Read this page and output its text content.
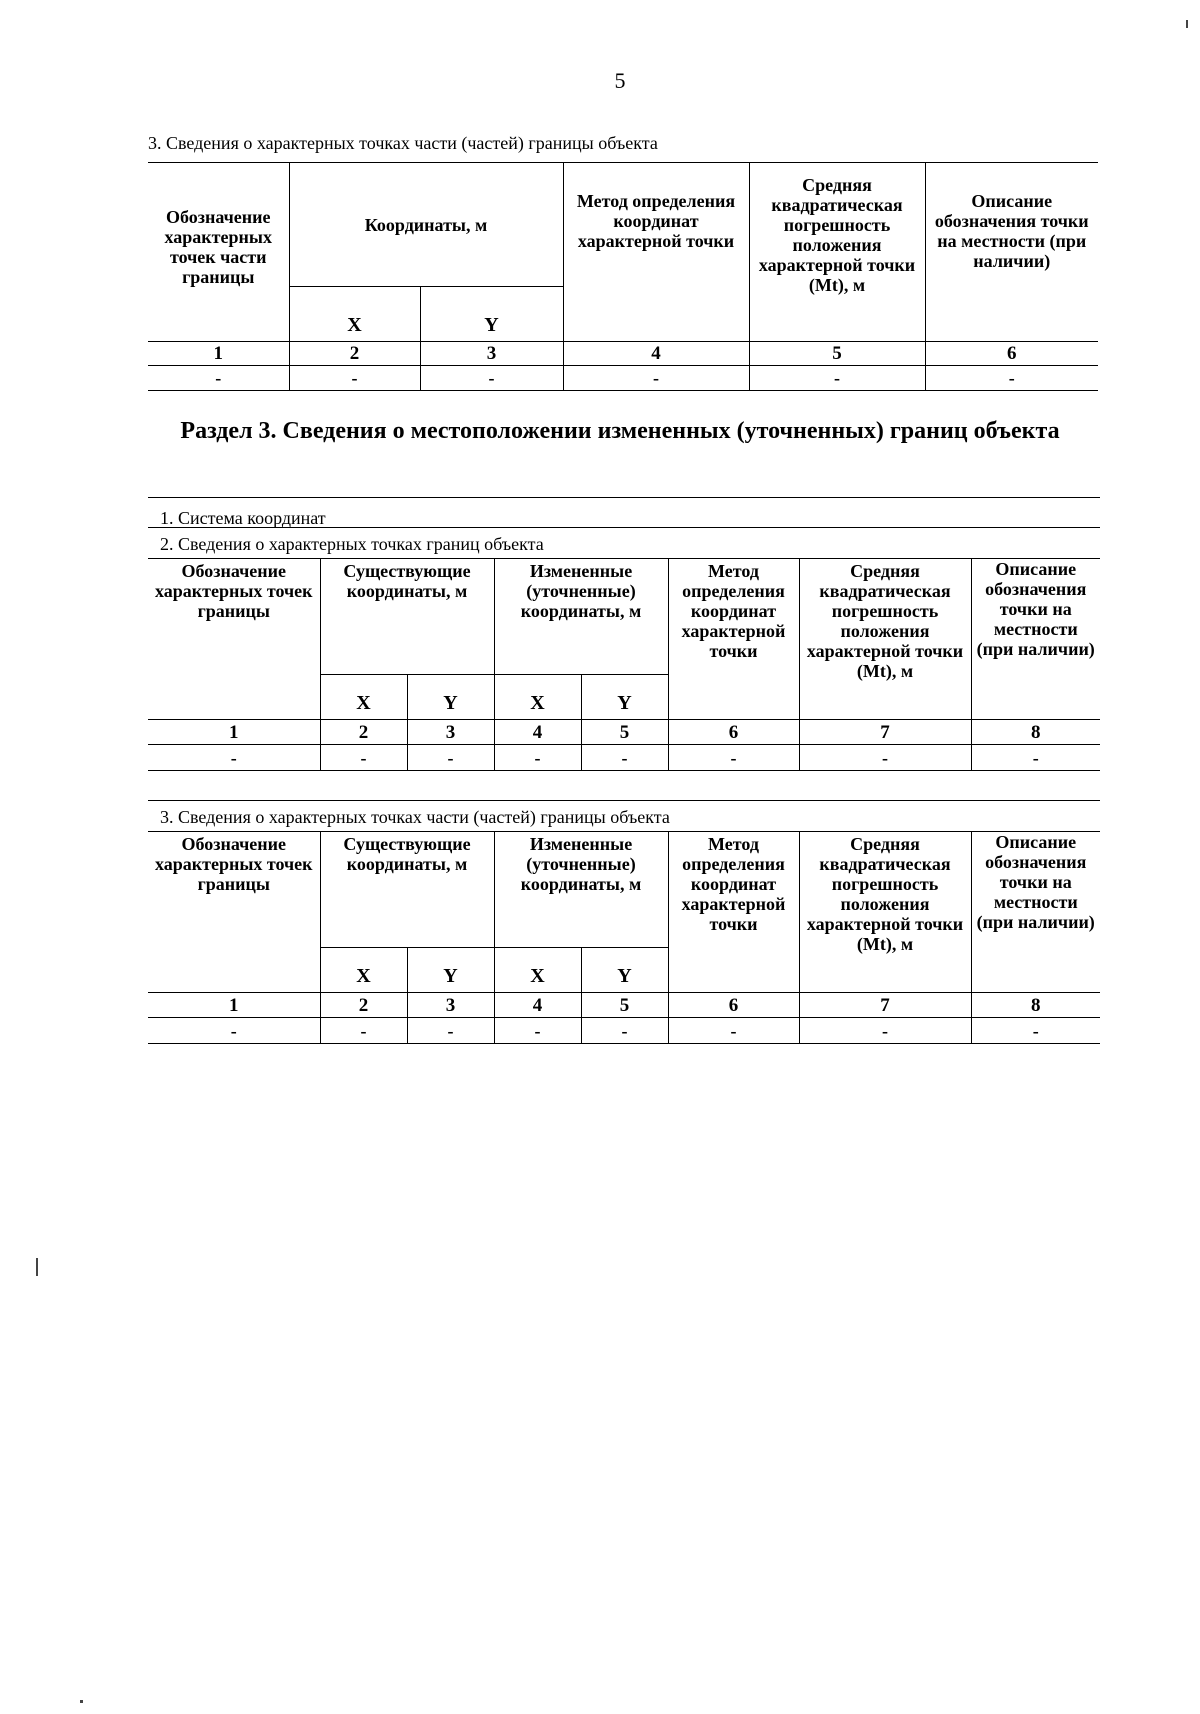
5
3. Сведения о характерных точках части (частей) границы объекта
Обозначение характерных точек части границы	Координаты, м		Метод определения координат характерной точки	Средняя квадратическая погрешность положения характерной точки (Mt), м	Описание обозначения точки на местности (при наличии)
	X	Y			
1	2	3	4	5	6
-	-	-	-	-	-
Раздел 3. Сведения о местоположении измененных (уточненных) границ объекта
1. Система координат
2. Сведения о характерных точках границ объекта
Обозначение характерных точек границы	Существующие координаты, м		Измененные (уточненные) координаты, м		Метод определения координат характерной точки	Средняя квадратическая погрешность положения характерной точки (Mt), м	Описание обозначения точки на местности (при наличии)
	X	Y	X	Y			
1	2	3	4	5	6	7	8
-	-	-	-	-	-	-	-
3. Сведения о характерных точках части (частей) границы объекта
Обозначение характерных точек границы	Существующие координаты, м		Измененные (уточненные) координаты, м		Метод определения координат характерной точки	Средняя квадратическая погрешность положения характерной точки (Mt), м	Описание обозначения точки на местности (при наличии)
	X	Y	X	Y			
1	2	3	4	5	6	7	8
-	-	-	-	-	-	-	-
